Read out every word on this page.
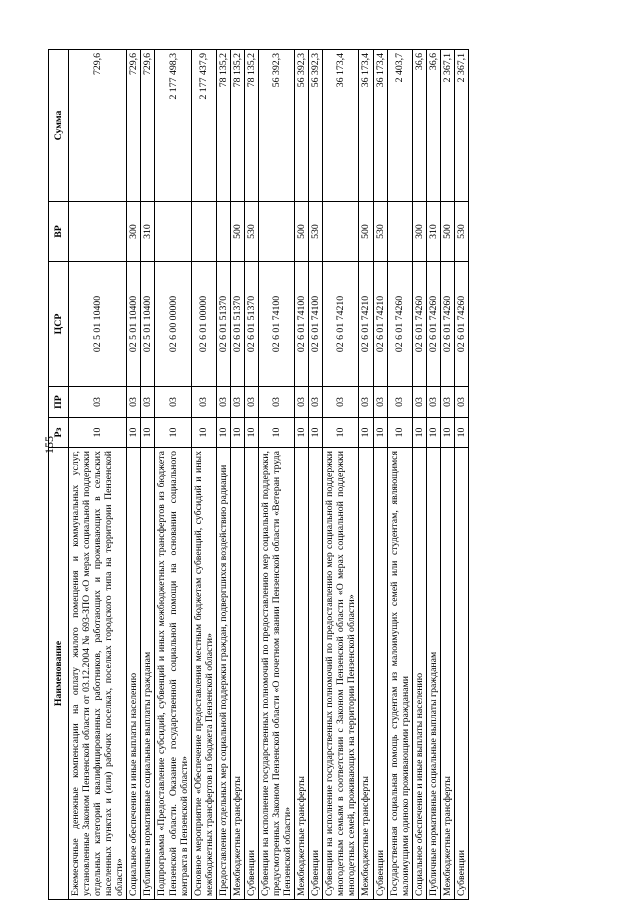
155
Наименование	Рз	ПР	ЦСР	ВР	Сумма
Ежемесячные денежные компенсации на оплату жилого помещения и коммунальных услуг, установленные Законом Пензенской области от 03.12.2004 № 693-ЗПО «О мерах социальной поддержки отдельных категорий квалифицированных работников, работающих и проживающих в сельских населенных пунктах и (или) рабочих поселках, поселках городского типа на территории Пензенской области»	10	03	02 5 01 10400		729,6
Социальное обеспечение и иные выплаты населению	10	03	02 5 01 10400	300	729,6
Публичные нормативные социальные выплаты гражданам	10	03	02 5 01 10400	310	729,6
Подпрограмма «Предоставление субсидий, субвенций и иных межбюджетных трансфертов из бюджета Пензенской области. Оказание государственной социальной помощи на основании социального контракта в Пензенской области»	10	03	02 6 00 00000		2 177 498,3
Основное мероприятие «Обеспечение предоставления местным бюджетам субвенций, субсидий и иных межбюджетных трансфертов из бюджета Пензенской области»	10	03	02 6 01 00000		2 177 437,9
Предоставление отдельных мер социальной поддержки граждан, подвергшихся воздействию радиации	10	03	02 6 01 51370		78 135,2
Межбюджетные трансферты	10	03	02 6 01 51370	500	78 135,2
Субвенции	10	03	02 6 01 51370	530	78 135,2
Субвенции на исполнение государственных полномочий по предоставлению мер социальной поддержки, предусмотренных Законом Пензенской области «О почетном звании Пензенской области «Ветеран труда Пензенской области»	10	03	02 6 01 74100		56 392,3
Межбюджетные трансферты	10	03	02 6 01 74100	500	56 392,3
Субвенции	10	03	02 6 01 74100	530	56 392,3
Субвенции на исполнение государственных полномочий по предоставлению мер социальной поддержки многодетным семьям в соответствии с Законом Пензенской области «О мерах социальной поддержки многодетных семей, проживающих на территории Пензенской области»	10	03	02 6 01 74210		36 173,4
Межбюджетные трансферты	10	03	02 6 01 74210	500	36 173,4
Субвенции	10	03	02 6 01 74210	530	36 173,4
Государственная социальная помощь студентам из малоимущих семей или студентам, являющимся малоимущими одиноко проживающими гражданами	10	03	02 6 01 74260		2 403,7
Социальное обеспечение и иные выплаты населению	10	03	02 6 01 74260	300	36,6
Публичные нормативные социальные выплаты гражданам	10	03	02 6 01 74260	310	36,6
Межбюджетные трансферты	10	03	02 6 01 74260	500	2 367,1
Субвенции	10	03	02 6 01 74260	530	2 367,1
